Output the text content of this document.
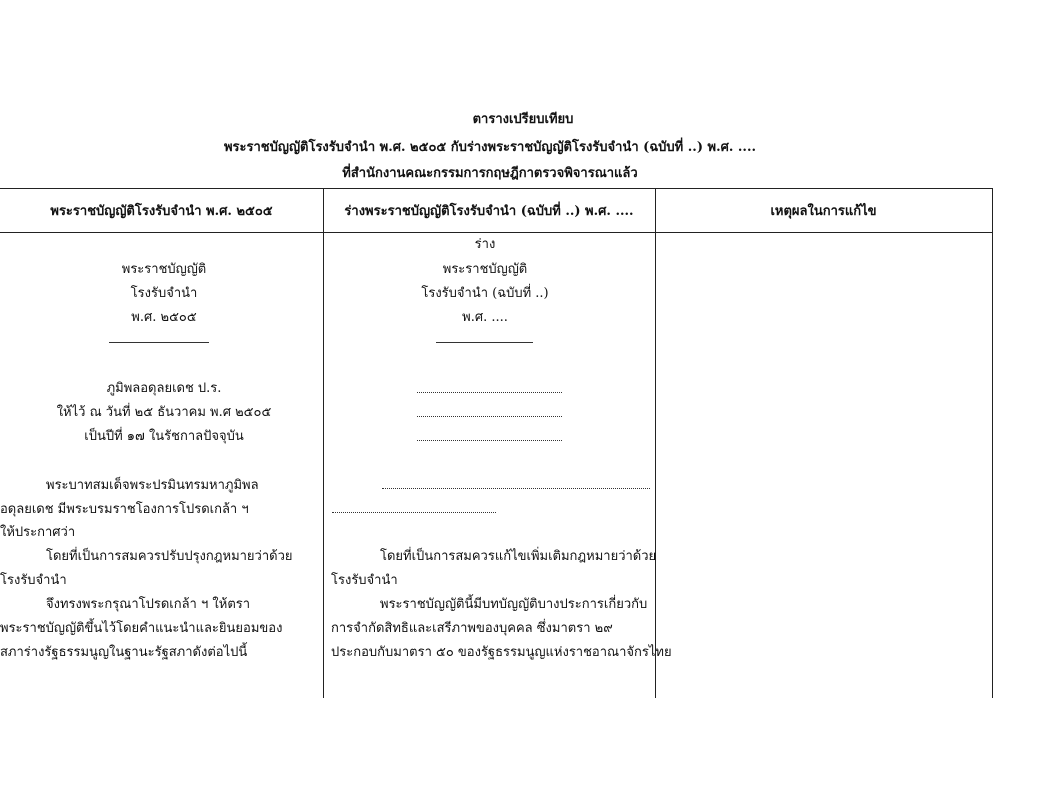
ตารางเปรียบเทียบ
พระราชบัญญัติโรงรับจำนำ พ.ศ. ๒๕๐๕ กับร่างพระราชบัญญัติโรงรับจำนำ (ฉบับที่ ..) พ.ศ. ....
ที่สำนักงานคณะกรรมการกฤษฎีกาตรวจพิจารณาแล้ว
พระราชบัญญัติโรงรับจำนำ พ.ศ. ๒๕๐๕	ร่างพระราชบัญญัติโรงรับจำนำ (ฉบับที่ ..) พ.ศ. ....	เหตุผลในการแก้ไข
พระราชบัญญัติ
โรงรับจำนำ
พ.ศ. ๒๕๐๕
ภูมิพลอดุลยเดช ป.ร.
ให้ไว้ ณ วันที่ ๒๕ ธันวาคม พ.ศ ๒๕๐๕
เป็นปีที่ ๑๗ ในรัชกาลปัจจุบัน
พระบาทสมเด็จพระปรมินทรมหาภูมิพล
อดุลยเดช มีพระบรมราชโองการโปรดเกล้า ฯ
ให้ประกาศว่า
โดยที่เป็นการสมควรปรับปรุงกฎหมายว่าด้วย
โรงรับจำนำ
จึงทรงพระกรุณาโปรดเกล้า ฯ ให้ตรา
พระราชบัญญัติขึ้นไว้โดยคำแนะนำและยินยอมของ
สภาร่างรัฐธรรมนูญในฐานะรัฐสภาดังต่อไปนี้
ร่าง
พระราชบัญญัติ
โรงรับจำนำ (ฉบับที่ ..)
พ.ศ. ....
โดยที่เป็นการสมควรแก้ไขเพิ่มเติมกฎหมายว่าด้วย
โรงรับจำนำ
พระราชบัญญัตินี้มีบทบัญญัติบางประการเกี่ยวกับ
การจำกัดสิทธิและเสรีภาพของบุคคล ซึ่งมาตรา ๒๙
ประกอบกับมาตรา ๕๐ ของรัฐธรรมนูญแห่งราชอาณาจักรไทย
